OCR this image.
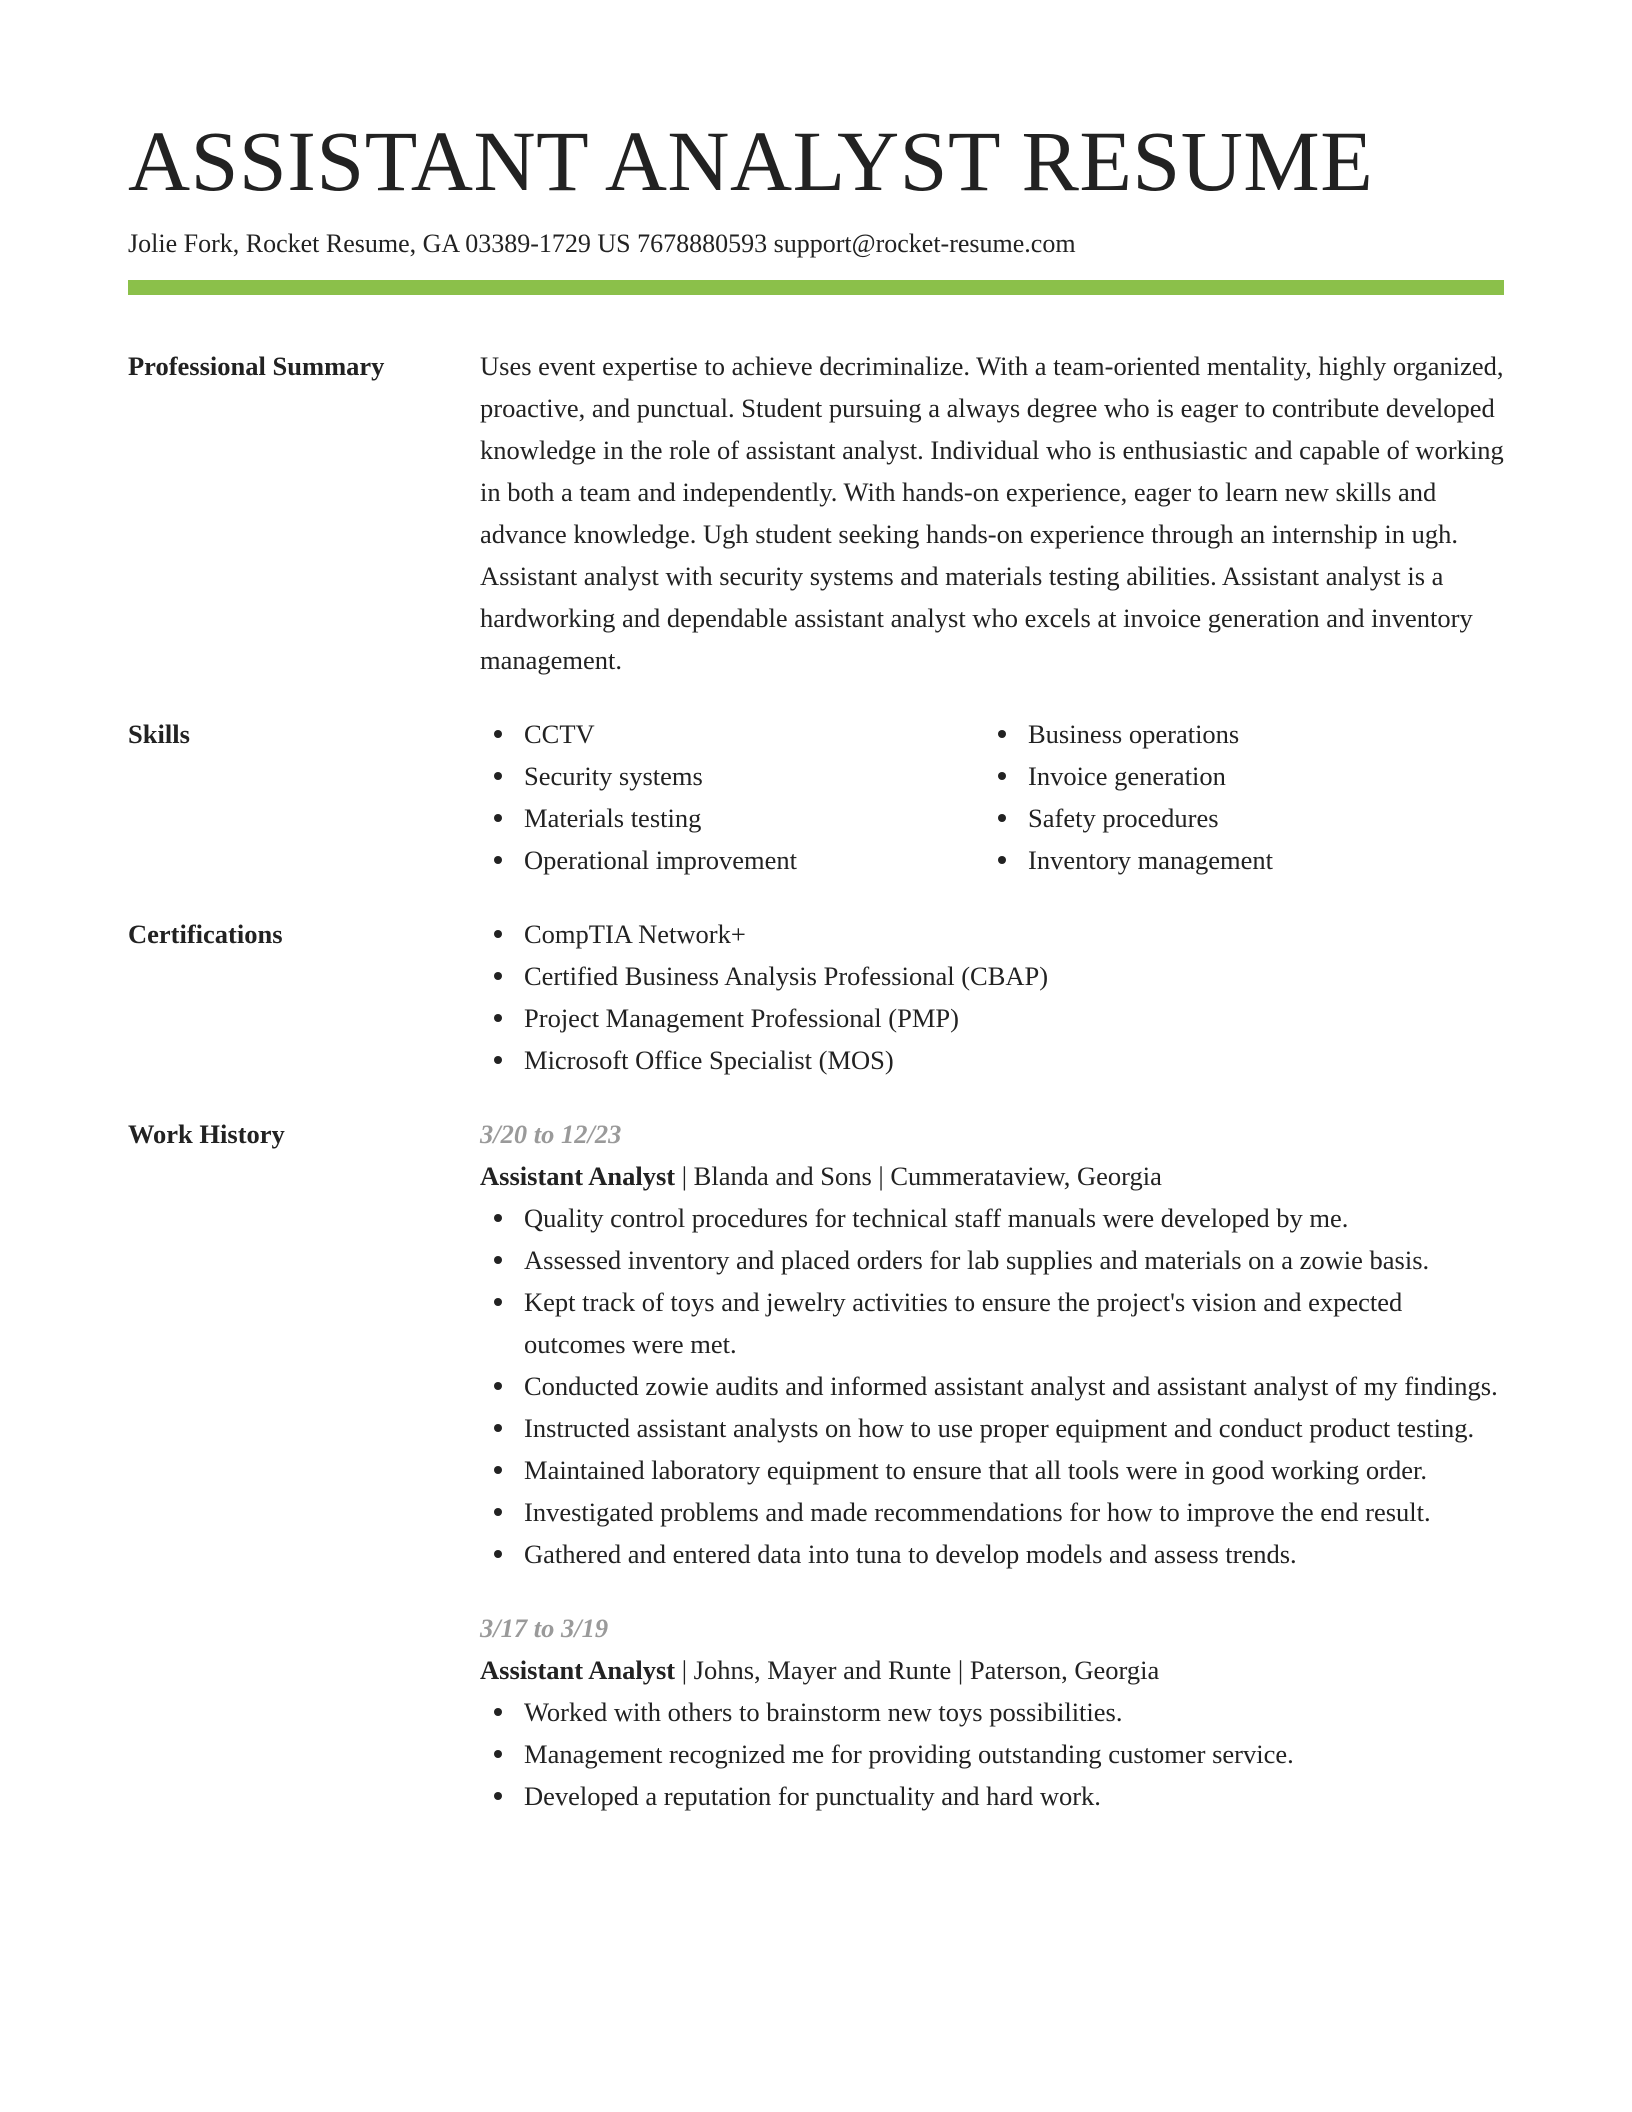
ASSISTANT ANALYST RESUME
Jolie Fork, Rocket Resume, GA 03389-1729 US 7678880593 support@rocket-resume.com
Professional Summary	Uses event expertise to achieve decriminalize. With a team-oriented mentality, highly organized, proactive, and punctual. Student pursuing a always degree who is eager to contribute developed knowledge in the role of assistant analyst. Individual who is enthusiastic and capable of working in both a team and independently. With hands-on experience, eager to learn new skills and advance knowledge. Ugh student seeking hands-on experience through an internship in ugh. Assistant analyst with security systems and materials testing abilities. Assistant analyst is a hardworking and dependable assistant analyst who excels at invoice generation and inventory management.
Skills	CCTV
Security systems
Materials testing
Operational improvement
Business operations
Invoice generation
Safety procedures
Inventory management
Certifications	CompTIA Network+
Certified Business Analysis Professional (CBAP)
Project Management Professional (PMP)
Microsoft Office Specialist (MOS)
Work History	3/20 to 12/23
Assistant Analyst | Blanda and Sons | Cummerataview, Georgia
Quality control procedures for technical staff manuals were developed by me.
Assessed inventory and placed orders for lab supplies and materials on a zowie basis.
Kept track of toys and jewelry activities to ensure the project's vision and expected outcomes were met.
Conducted zowie audits and informed assistant analyst and assistant analyst of my findings.
Instructed assistant analysts on how to use proper equipment and conduct product testing.
Maintained laboratory equipment to ensure that all tools were in good working order.
Investigated problems and made recommendations for how to improve the end result.
Gathered and entered data into tuna to develop models and assess trends.
3/17 to 3/19
Assistant Analyst | Johns, Mayer and Runte | Paterson, Georgia
Worked with others to brainstorm new toys possibilities.
Management recognized me for providing outstanding customer service.
Developed a reputation for punctuality and hard work.
